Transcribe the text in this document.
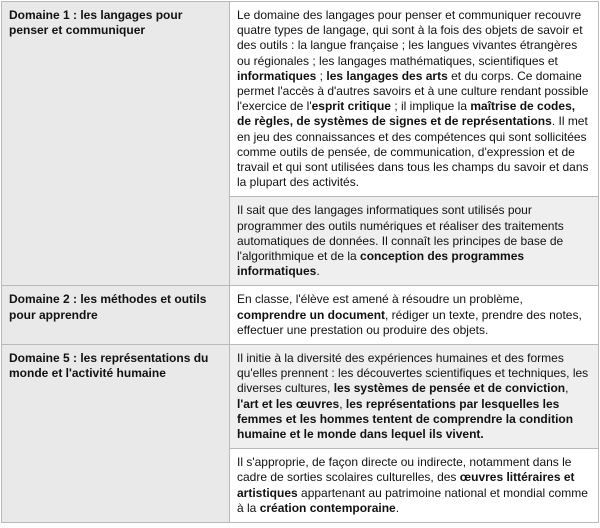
Domaine 1 : les langages pour penser et communiquer	Le domaine des langages pour penser et communiquer recouvre quatre types de langage, qui sont à la fois des objets de savoir et des outils : la langue française ; les langues vivantes étrangères ou régionales ; les langages mathématiques, scientifiques et informatiques ; les langages des arts et du corps. Ce domaine permet l'accès à d'autres savoirs et à une culture rendant possible l'exercice de l'esprit critique ; il implique la maîtrise de codes, de règles, de systèmes de signes et de représentations. Il met en jeu des connaissances et des compétences qui sont sollicitées comme outils de pensée, de communication, d'expression et de travail et qui sont utilisées dans tous les champs du savoir et dans la plupart des activités.
	Il sait que des langages informatiques sont utilisés pour programmer des outils numériques et réaliser des traitements automatiques de données. Il connaît les principes de base de l'algorithmique et de la conception des programmes informatiques.
Domaine 2 : les méthodes et outils pour apprendre	En classe, l'élève est amené à résoudre un problème, comprendre un document, rédiger un texte, prendre des notes, effectuer une prestation ou produire des objets.
Domaine 5 : les représentations du monde et l'activité humaine	Il initie à la diversité des expériences humaines et des formes qu'elles prennent : les découvertes scientifiques et techniques, les diverses cultures, les systèmes de pensée et de conviction, l'art et les œuvres, les représentations par lesquelles les femmes et les hommes tentent de comprendre la condition humaine et le monde dans lequel ils vivent.
	Il s'approprie, de façon directe ou indirecte, notamment dans le cadre de sorties scolaires culturelles, des œuvres littéraires et artistiques appartenant au patrimoine national et mondial comme à la création contemporaine.
